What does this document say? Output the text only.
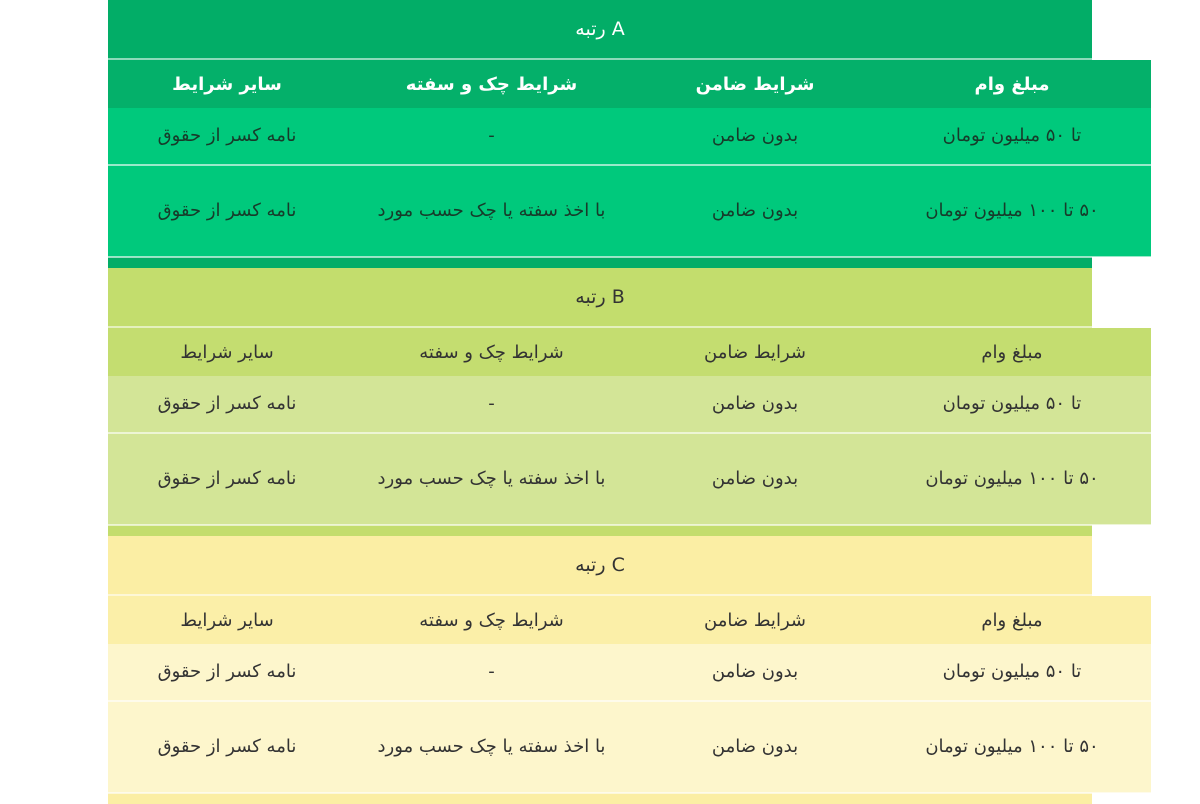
رتبه A
مبلغ وام	شرایط ضامن	شرایط چک و سفته	سایر شرایط
تا ۵۰ میلیون تومان	بدون ضامن	-	نامه کسر از حقوق
۵۰ تا ۱۰۰ میلیون تومان	بدون ضامن	با اخذ سفته یا چک حسب مورد	نامه کسر از حقوق
رتبه B
مبلغ وام	شرایط ضامن	شرایط چک و سفته	سایر شرایط
تا ۵۰ میلیون تومان	بدون ضامن	-	نامه کسر از حقوق
۵۰ تا ۱۰۰ میلیون تومان	بدون ضامن	با اخذ سفته یا چک حسب مورد	نامه کسر از حقوق
رتبه C
مبلغ وام	شرایط ضامن	شرایط چک و سفته	سایر شرایط
تا ۵۰ میلیون تومان	بدون ضامن	-	نامه کسر از حقوق
۵۰ تا ۱۰۰ میلیون تومان	بدون ضامن	با اخذ سفته یا چک حسب مورد	نامه کسر از حقوق
